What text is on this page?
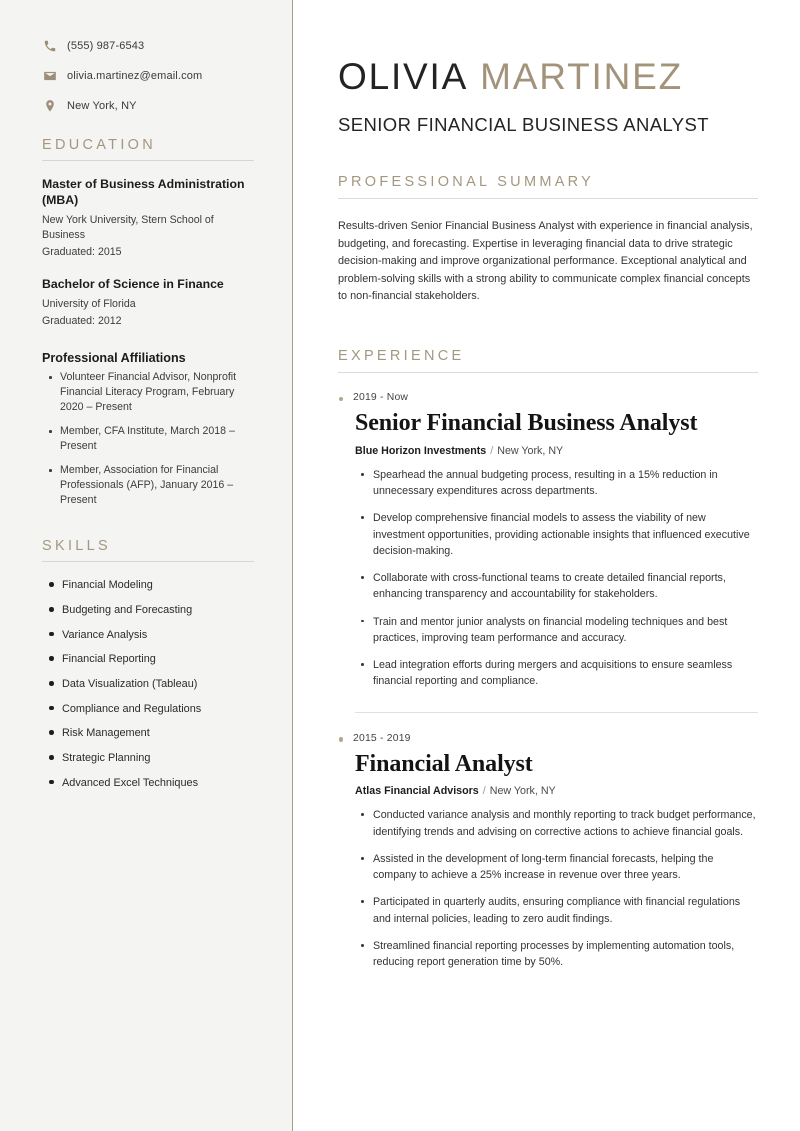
(555) 987-6543
olivia.martinez@email.com
New York, NY
EDUCATION
Master of Business Administration (MBA)
New York University, Stern School of Business
Graduated: 2015
Bachelor of Science in Finance
University of Florida
Graduated: 2012
Professional Affiliations
Volunteer Financial Advisor, Nonprofit Financial Literacy Program, February 2020 – Present
Member, CFA Institute, March 2018 – Present
Member, Association for Financial Professionals (AFP), January 2016 – Present
SKILLS
Financial Modeling
Budgeting and Forecasting
Variance Analysis
Financial Reporting
Data Visualization (Tableau)
Compliance and Regulations
Risk Management
Strategic Planning
Advanced Excel Techniques
OLIVIA MARTINEZ
SENIOR FINANCIAL BUSINESS ANALYST
PROFESSIONAL SUMMARY

Results-driven Senior Financial Business Analyst with experience in financial analysis, budgeting, and forecasting. Expertise in leveraging financial data to drive strategic decision-making and improve organizational performance. Exceptional analytical and problem-solving skills with a strong ability to communicate complex financial concepts to non-financial stakeholders.

EXPERIENCE
2019 - Now
Senior Financial Business Analyst
Blue Horizon Investments / New York, NY
Spearhead the annual budgeting process, resulting in a 15% reduction in unnecessary expenditures across departments.
Develop comprehensive financial models to assess the viability of new investment opportunities, providing actionable insights that influenced executive decision-making.
Collaborate with cross-functional teams to create detailed financial reports, enhancing transparency and accountability for stakeholders.
Train and mentor junior analysts on financial modeling techniques and best practices, improving team performance and accuracy.
Lead integration efforts during mergers and acquisitions to ensure seamless financial reporting and compliance.
2015 - 2019
Financial Analyst
Atlas Financial Advisors / New York, NY
Conducted variance analysis and monthly reporting to track budget performance, identifying trends and advising on corrective actions to achieve financial goals.
Assisted in the development of long-term financial forecasts, helping the company to achieve a 25% increase in revenue over three years.
Participated in quarterly audits, ensuring compliance with financial regulations and internal policies, leading to zero audit findings.
Streamlined financial reporting processes by implementing automation tools, reducing report generation time by 50%.
